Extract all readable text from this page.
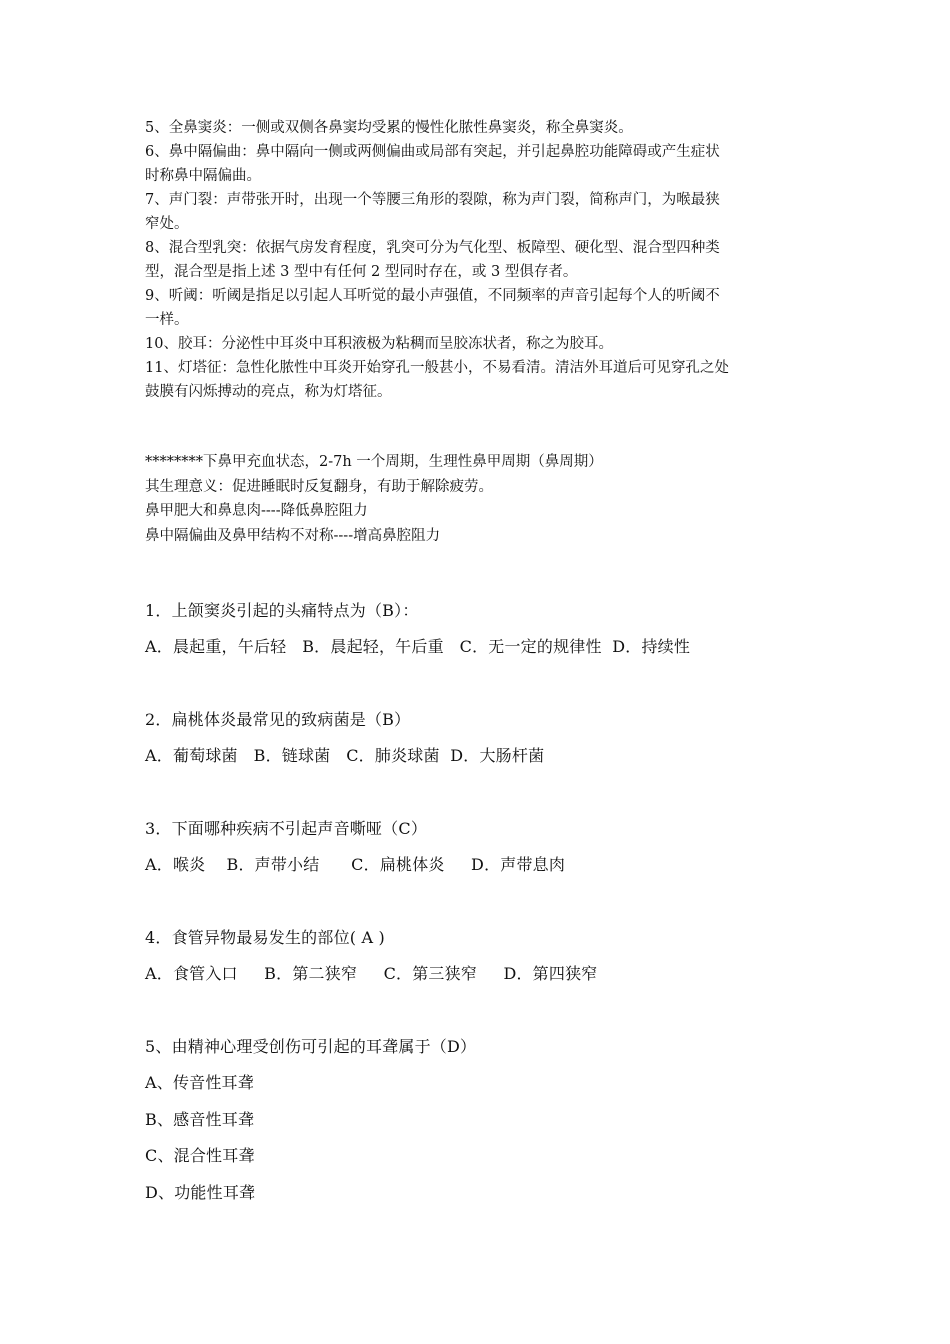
5、全鼻窦炎：一侧或双侧各鼻窦均受累的慢性化脓性鼻窦炎，称全鼻窦炎。
6、鼻中隔偏曲：鼻中隔向一侧或两侧偏曲或局部有突起，并引起鼻腔功能障碍或产生症状
时称鼻中隔偏曲。
7、声门裂：声带张开时，出现一个等腰三角形的裂隙，称为声门裂，简称声门，为喉最狭
窄处。
8、混合型乳突：依据气房发育程度，乳突可分为气化型、板障型、硬化型、混合型四种类
型，混合型是指上述 3 型中有任何 2 型同时存在，或 3 型俱存者。
9、听阈：听阈是指足以引起人耳听觉的最小声强值，不同频率的声音引起每个人的听阈不
一样。
10、胶耳：分泌性中耳炎中耳积液极为粘稠而呈胶冻状者，称之为胶耳。
11、灯塔征：急性化脓性中耳炎开始穿孔一般甚小，不易看清。清洁外耳道后可见穿孔之处
鼓膜有闪烁搏动的亮点，称为灯塔征。
********下鼻甲充血状态，2-7h 一个周期，生理性鼻甲周期（鼻周期）
其生理意义：促进睡眠时反复翻身，有助于解除疲劳。
鼻甲肥大和鼻息肉----降低鼻腔阻力
鼻中隔偏曲及鼻甲结构不对称----增高鼻腔阻力
1．上颌窦炎引起的头痛特点为（B）：
A．晨起重，午后轻   B．晨起轻，午后重   C．无一定的规律性  D．持续性
2．扁桃体炎最常见的致病菌是（B）
A．葡萄球菌   B．链球菌   C．肺炎球菌  D．大肠杆菌
3．下面哪种疾病不引起声音嘶哑（C）
A．喉炎    B．声带小结      C．扁桃体炎     D．声带息肉
4．食管异物最易发生的部位( A )
A．食管入口     B．第二狭窄     C．第三狭窄     D．第四狭窄
5、由精神心理受创伤可引起的耳聋属于（D）
A、传音性耳聋
B、感音性耳聋
C、混合性耳聋
D、功能性耳聋
